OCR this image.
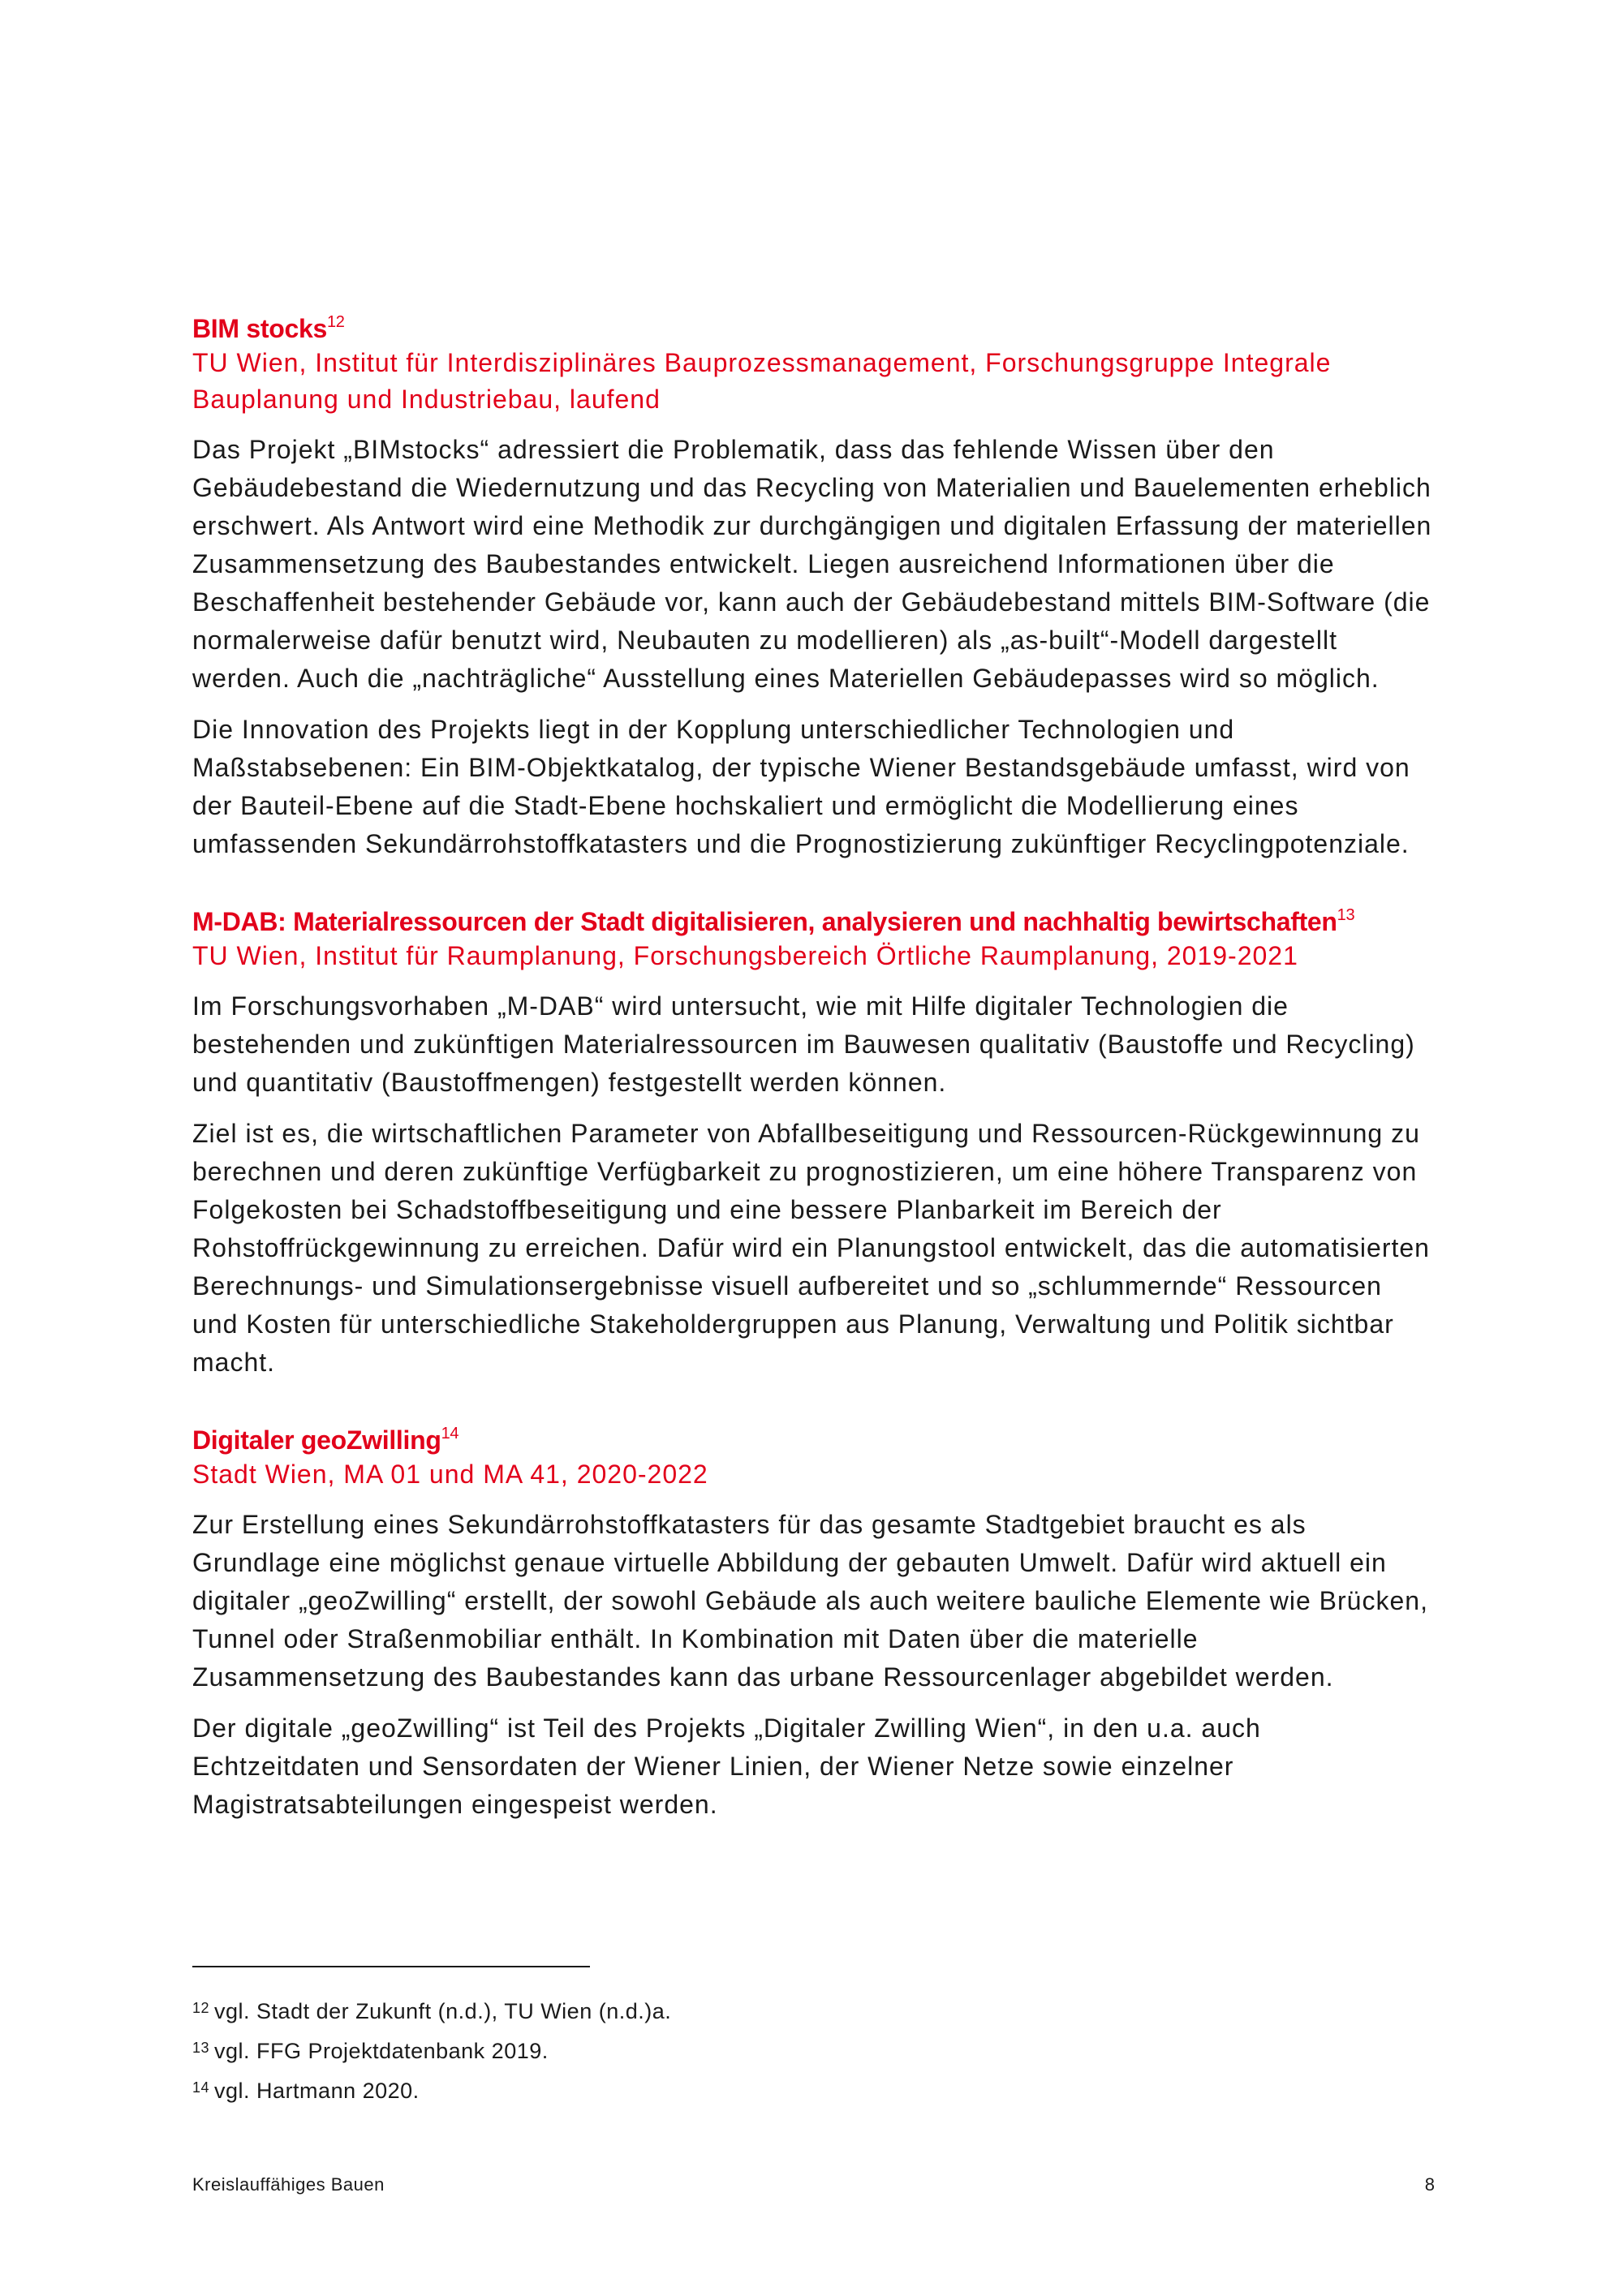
BIM stocks$^{12}$

TU Wien, Institut für Interdisziplinäres Bauprozessmanagement, Forschungsgruppe Integrale Bauplanung und Industriebau, laufend

Das Projekt „BIMstocks“ adressiert die Problematik, dass das fehlende Wissen über den Gebäudebestand die Wiedernutzung und das Recycling von Materialien und Bauelementen erheblich erschwert. Als Antwort wird eine Methodik zur durchgängigen und digitalen Erfassung der materiellen Zusammensetzung des Baubestandes entwickelt. Liegen ausreichend Informationen über die Beschaffenheit bestehender Gebäude vor, kann auch der Gebäudebestand mittels BIM-Software (die normalerweise dafür benutzt wird, Neubauten zu modellieren) als „as-built“-Modell dargestellt werden. Auch die „nachträgliche“ Ausstellung eines Materiellen Gebäudepasses wird so möglich.

Die Innovation des Projekts liegt in der Kopplung unterschiedlicher Technologien und Maßstabsebenen: Ein BIM-Objektkatalog, der typische Wiener Bestandsgebäude umfasst, wird von der Bauteil-Ebene auf die Stadt-Ebene hochskaliert und ermöglicht die Modellierung eines umfassenden Sekundärrohstoffkatasters und die Prognostizierung zukünftiger Recyclingpotenziale.

M-DAB: Materialressourcen der Stadt digitalisieren, analysieren und nachhaltig bewirtschaften$^{13}$

TU Wien, Institut für Raumplanung, Forschungsbereich Örtliche Raumplanung, 2019-2021

Im Forschungsvorhaben „M-DAB“ wird untersucht, wie mit Hilfe digitaler Technologien die bestehenden und zukünftigen Materialressourcen im Bauwesen qualitativ (Baustoffe und Recycling) und quantitativ (Baustoffmengen) festgestellt werden können.

Ziel ist es, die wirtschaftlichen Parameter von Abfallbeseitigung und Ressourcen-Rückgewinnung zu berechnen und deren zukünftige Verfügbarkeit zu prognostizieren, um eine höhere Transparenz von Folgekosten bei Schadstoffbeseitigung und eine bessere Planbarkeit im Bereich der Rohstoffrückgewinnung zu erreichen. Dafür wird ein Planungstool entwickelt, das die automatisierten Berechnungs- und Simulationsergebnisse visuell aufbereitet und so „schlummernde“ Ressourcen und Kosten für unterschiedliche Stakeholdergruppen aus Planung, Verwaltung und Politik sichtbar macht.

Digitaler geoZwilling$^{14}$

Stadt Wien, MA 01 und MA 41, 2020-2022

Zur Erstellung eines Sekundärrohstoffkatasters für das gesamte Stadtgebiet braucht es als Grundlage eine möglichst genaue virtuelle Abbildung der gebauten Umwelt. Dafür wird aktuell ein digitaler „geoZwilling“ erstellt, der sowohl Gebäude als auch weitere bauliche Elemente wie Brücken, Tunnel oder Straßenmobiliar enthält. In Kombination mit Daten über die materielle Zusammensetzung des Baubestandes kann das urbane Ressourcenlager abgebildet werden.

Der digitale „geoZwilling“ ist Teil des Projekts „Digitaler Zwilling Wien“, in den u.a. auch Echtzeitdaten und Sensordaten der Wiener Linien, der Wiener Netze sowie einzelner Magistratsabteilungen eingespeist werden.

$^{12}$ vgl. Stadt der Zukunft (n.d.), TU Wien (n.d.)a.

$^{13}$ vgl. FFG Projektdatenbank 2019.

$^{14}$ vgl. Hartmann 2020.

Kreislauffähiges Bauen	8
